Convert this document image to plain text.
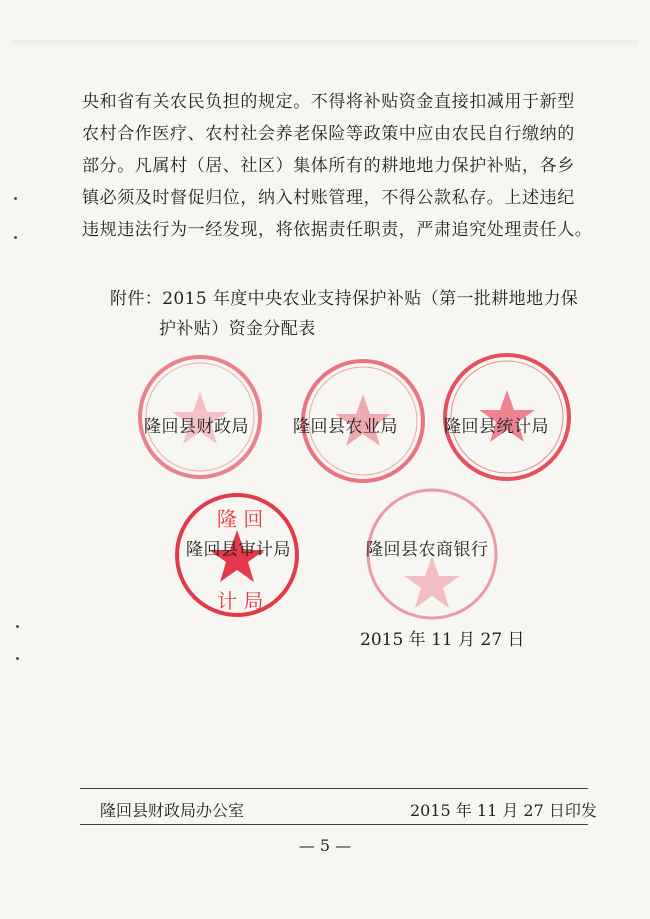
央和省有关农民负担的规定。不得将补贴资金直接扣减用于新型

农村合作医疗、农村社会养老保险等政策中应由农民自行缴纳的

部分。凡属村（居、社区）集体所有的耕地地力保护补贴，各乡

镇必须及时督促归位，纳入村账管理，不得公款私存。上述违纪

违规违法行为一经发现，将依据责任职责，严肃追究处理责任人。

附件：2015 年度中央农业支持保护补贴（第一批耕地地力保

护补贴）资金分配表

隆 回
计 局
隆回县财政局	隆回县农业局	隆回县统计局
隆回县审计局	隆回县农商银行
2015 年 11 月 27 日
隆回县财政局办公室	2015 年 11 月 27 日印发
— 5 —
